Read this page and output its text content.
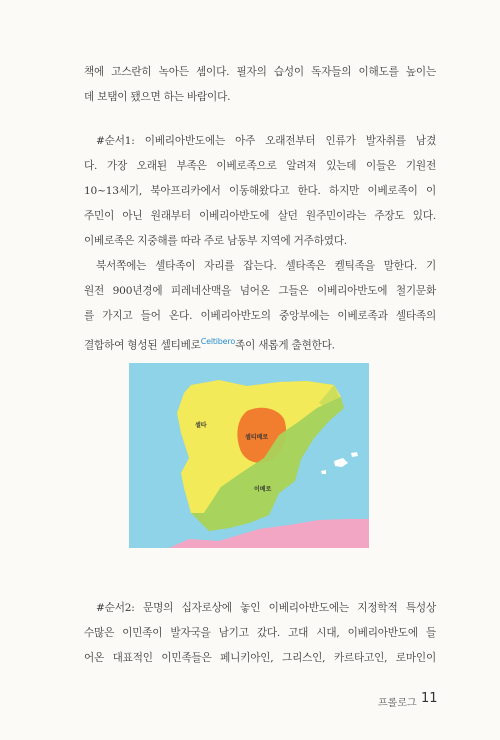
책에 고스란히 녹아든 셈이다. 필자의 습성이 독자들의 이해도를 높이는
데 보탬이 됐으면 하는 바람이다.

#순서1: 이베리아반도에는 아주 오래전부터 인류가 발자취를 남겼
다. 가장 오래된 부족은 이베로족으로 알려져 있는데 이들은 기원전
10~13세기, 북아프리카에서 이동해왔다고 한다. 하지만 이베로족이 이
주민이 아닌 원래부터 이베리아반도에 살던 원주민이라는 주장도 있다.
이베로족은 지중해를 따라 주로 남동부 지역에 거주하였다.

북서쪽에는 셀타족이 자리를 잡는다. 셀타족은 켈틱족을 말한다. 기
원전 900년경에 피레네산맥을 넘어온 그들은 이베리아반도에 철기문화
를 가지고 들어 온다. 이베리아반도의 중앙부에는 이베로족과 셀타족의
결합하여 형성된 셀티베로$^{Celtibero}$족이 새롭게 출현한다.

셀타
셀티베로
이베로

#순서2: 문명의 십자로상에 놓인 이베리아반도에는 지정학적 특성상
수많은 이민족이 발자국을 남기고 갔다. 고대 시대, 이베리아반도에 들
어온 대표적인 이민족들은 페니키아인, 그리스인, 카르타고인, 로마인이

프롤로그 11
